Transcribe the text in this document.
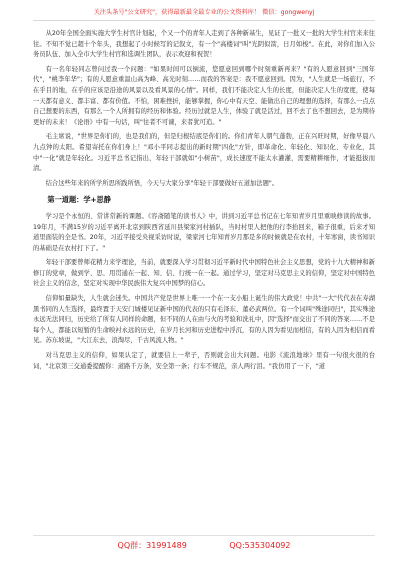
关注头条号"公文研究"，获得最新最全最专业的公文资料库！ 微信：gongwenyj

从20年全国全面实施大学生村官计划起，个又一个的青年人走到了各种新基生，见证了一批又一批的大学生村官来来往往。不知不觉已超十个年头，我想起了小时候写的记叙文，有一个"高楼词"叫"光阴似箭，日月如梭"。在此，对你们加入公务员队伍、加入全市大学生村官和选调生团队，表示欢迎和祝贺！

有一名年轻同志曾问过我一个问题："如果时间可以倒流，您愿意回到哪个时刻重新再来？"有的人愿意回到"三国年代"，"桃李年华"；有的人愿意重温山高为峰、高光时刻……而我的答案是：我不愿意回到。因为，"人生就是一场旅行，不在乎目的地，在乎的应该是沿途的风景以及看风景的心情"。同样，我们不能决定人生的长度，但能决定人生的宽度，使每一天都有意义、都丰富、都有价值。不怕，困难挫折，能够掌握，你心中有天空、能做出自己的理想的选择，有那么一点点自己想要的东西，有那么一个人所拥有的经历和体验。经历过就是人生，体验了就是活过，回不去了也不想回去，是为期待更好的未来！《论语》中有一句话，叫"往者不可谏，来者犹可追。"

毛主席说，"世界是你们的，也是我们的，但是归根结底是你们的。你们青年人朝气蓬勃，正在兴旺时期，好像早晨八九点钟的太阳。希望寄托在你们身上！"邓小平同志提出的新时期"四化"方针，即革命化、年轻化、知识化、专业化，其中"一化"就是年轻化。习近平总书记指出，年轻干部就如"小树苗"，成长速度不能太水灌灌，需要精耕细作，才能挺拔而清。

结合这些年来的所学所思所践所悟，今天与大家分享"年轻干部要做好五道加法题"。

第一道题：学+思静

学习是个永恒的、常讲常新的课题。《容斋随笔的读书人》中，讲到习近平总书记在七年知青岁月里重映修读的故事。19年月，不满15岁的习近平离开北京到陕西省延川县梁家河村插队，当时村里人把他的行李抬回来，箱子很重，后来才知道里面装的全是书。20年，习近平接受央视采访时说，梁家河七年知青岁月那是多的时候就是在农村，十年寒窗，读书知识的基础是在农村打下了。"

年轻干部要曾师花精力来学理论，当前，就要深入学习贯彻习近平新时代中国特色社会主义思想，党的十九大精神和新修订的党章，做到学、思、用贯通在一起、知、信、行统一在一起。通过学习，坚定对马克思主义的信仰，坚定对中国特色社会主义的信念，坚定对实现中华民族伟大复兴中国梦的信心。

信仰如量缺失，人生就会迷失。中国共产党是世界上唯一一个在一支小船上诞生的伟大政党！中共"一大"代代表在寿湖黑书同的人生选择，最终置于天安门城楼见证新中国的代表的只有毛泽东、董必武两位。有一个词叫"殊途同归"，其实殊途永远无法同归，历史给了所有人同样的命题，但不同的人在由与火的考验和洗礼中，因"选择"而交出了不同的答案……不是每个人，都能以短暂的生命映衬永远的历史，在岁月长河和历史进程中浮沉，有的人因为看见而相信，有的人因为相信而看见。苏东坡说，"大江东去，浪淘尽，千古风流人物。"

对马克思主义的信仰，如果认定了，就要信上一辈子，否则就会出大问题。电影《流浪地球》里有一句很火很的台词，"北京第三交通委提醒你：道路千万条，安全第一条；行车不规范，亲人两行泪。"我仿用了一下，"道

QQ群：31991489	QQ:535304092
